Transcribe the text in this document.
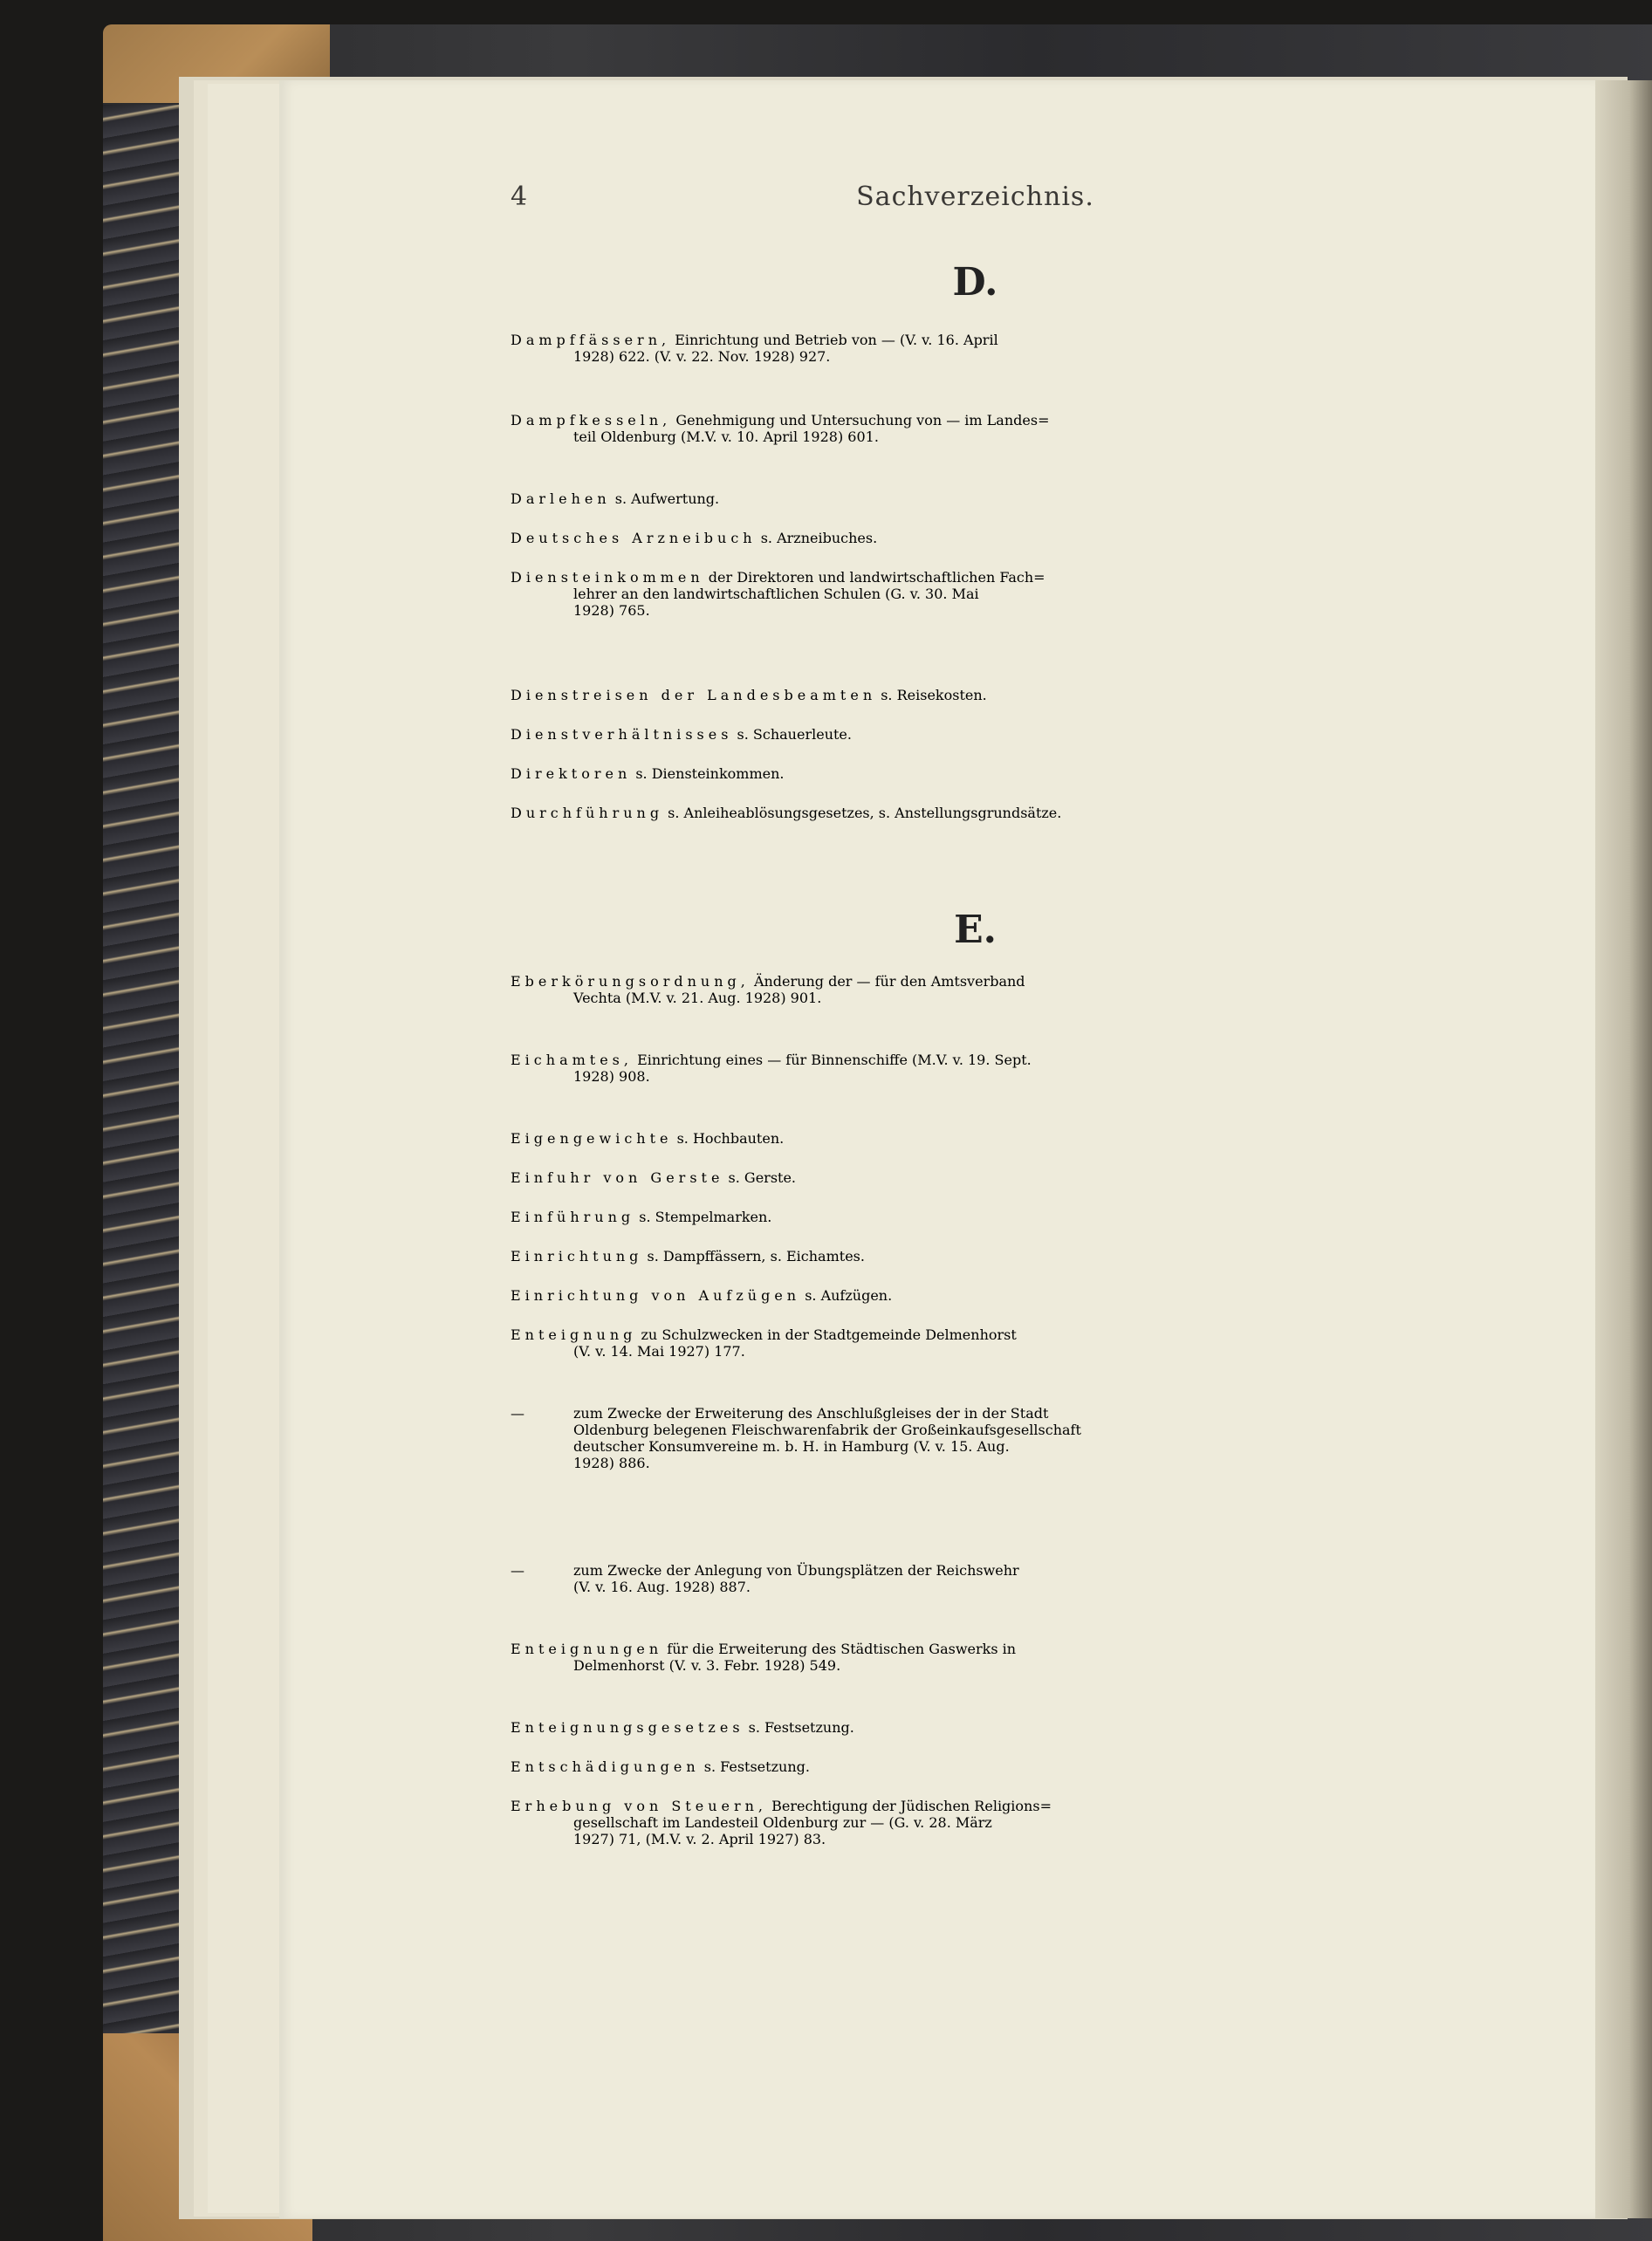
4	Sachverzeichnis.
D.
Dampffässern, Einrichtung und Betrieb von — (V. v. 16. April
1928) 622. (V. v. 22. Nov. 1928) 927.
Dampfkesseln, Genehmigung und Untersuchung von — im Landes=
teil Oldenburg (M.V. v. 10. April 1928) 601.
Darlehen s. Aufwertung.
Deutsches Arzneibuch s. Arzneibuches.
Diensteinkommen der Direktoren und landwirtschaftlichen Fach=
lehrer an den landwirtschaftlichen Schulen (G. v. 30. Mai
1928) 765.
Dienstreisen der Landesbeamten s. Reisekosten.
Dienstverhältnisses s. Schauerleute.
Direktoren s. Diensteinkommen.
Durchführung s. Anleiheablösungsgesetzes, s. Anstellungsgrundsätze.
E.
Eberkörungsordnung, Änderung der — für den Amtsverband
Vechta (M.V. v. 21. Aug. 1928) 901.
Eichamtes, Einrichtung eines — für Binnenschiffe (M.V. v. 19. Sept.
1928) 908.
Eigengewichte s. Hochbauten.
Einfuhr von Gerste s. Gerste.
Einführung s. Stempelmarken.
Einrichtung s. Dampffässern, s. Eichamtes.
Einrichtung von Aufzügen s. Aufzügen.
Enteignung zu Schulzwecken in der Stadtgemeinde Delmenhorst
(V. v. 14. Mai 1927) 177.
—	zum Zwecke der Erweiterung des Anschlußgleises der in der Stadt
Oldenburg belegenen Fleischwarenfabrik der Großeinkaufsgesellschaft
deutscher Konsumvereine m. b. H. in Hamburg (V. v. 15. Aug.
1928) 886.
—	zum Zwecke der Anlegung von Übungsplätzen der Reichswehr
(V. v. 16. Aug. 1928) 887.
Enteignungen für die Erweiterung des Städtischen Gaswerks in
Delmenhorst (V. v. 3. Febr. 1928) 549.
Enteignungsgesetzes s. Festsetzung.
Entschädigungen s. Festsetzung.
Erhebung von Steuern, Berechtigung der Jüdischen Religions=
gesellschaft im Landesteil Oldenburg zur — (G. v. 28. März
1927) 71, (M.V. v. 2. April 1927) 83.
